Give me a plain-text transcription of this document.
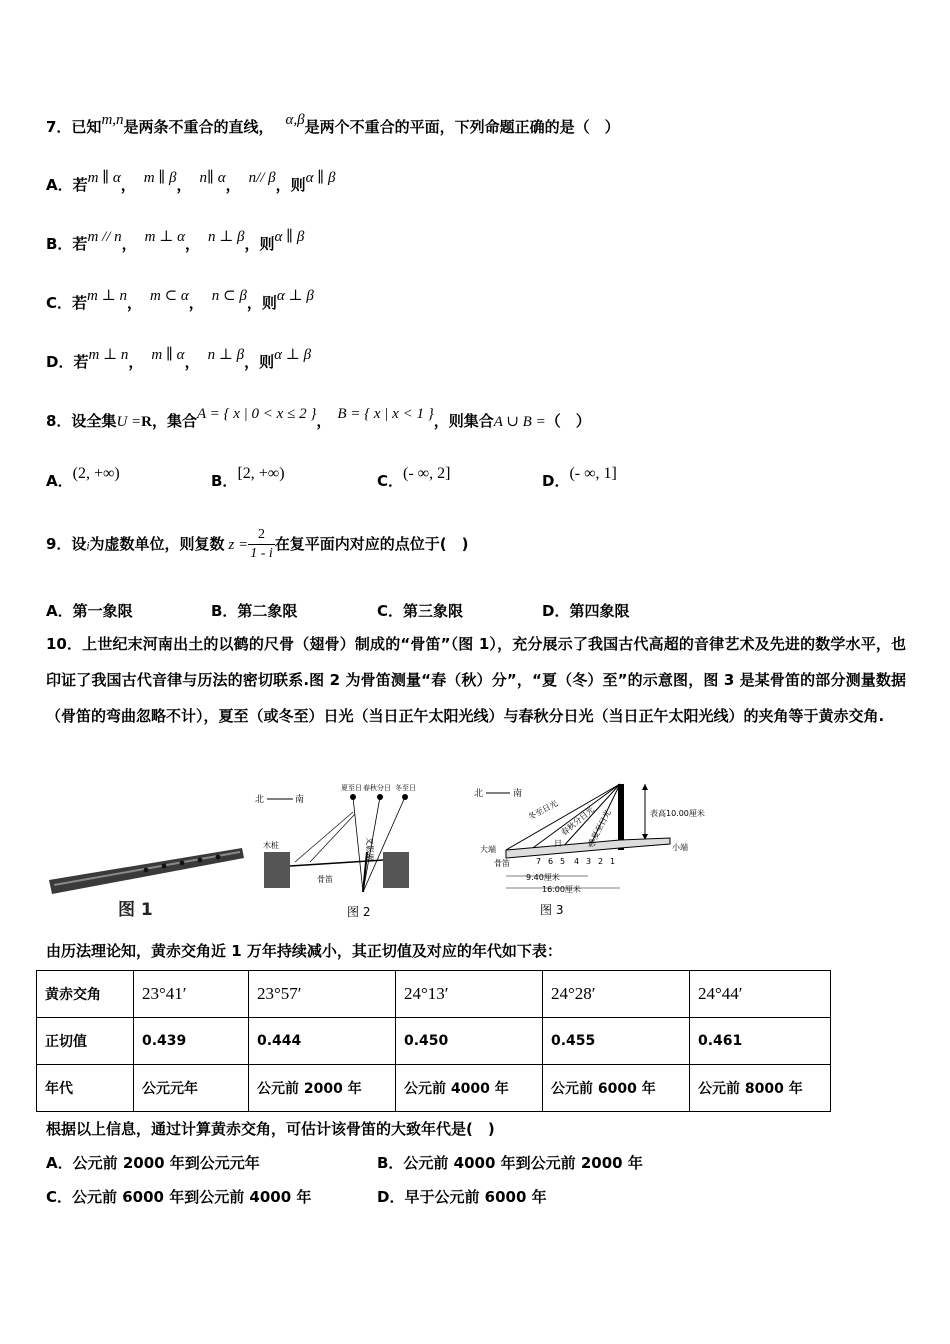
7．已知m,n是两条不重合的直线， α,β是两个不重合的平面，下列命题正确的是（　）
A．若m ∥ α， m ∥ β， n∥ α， n// β，则α ∥ β
B．若m // n， m ⊥ α， n ⊥ β，则α ∥ β
C．若m ⊥ n， m ⊂ α， n ⊂ β，则α ⊥ β
D．若m ⊥ n， m ∥ α， n ⊥ β，则α ⊥ β
8．设全集U =R，集合A = { x | 0 < x ≤ 2 }， B = { x | x < 1 }，则集合A ∪ B =（　）
A．(2, +∞)	B．[2, +∞)	C．(- ∞, 2]	D．(- ∞, 1]
9．设i为虚数单位，则复数 $z = \frac{2}{1 - i}$ 在复平面内对应的点位于(　)
A．第一象限	B．第二象限	C．第三象限	D．第四象限
10．上世纪末河南出土的以鹤的尺骨（翅骨）制成的“骨笛”（图 1），充分展示了我国古代高超的音律艺术及先进的数学水平，也印证了我国古代音律与历法的密切联系.图 2 为骨笛测量“春（秋）分”，“夏（冬）至”的示意图，图 3 是某骨笛的部分测量数据（骨笛的弯曲忽略不计），夏至（或冬至）日光（当日正午太阳光线）与春秋分日光（当日正午太阳光线）的夹角等于黄赤交角.
图 1
北	南
夏至日 春秋分日 冬至日
木桩	叉影器
骨笛
图 2
北	南
表高10.00厘米
大端	小端
骨笛	7 6 5 4 3 2 1
9.40厘米
16.00厘米
冬至日光 春秋分日光
夏至日光
日	影
图 3
由历法理论知，黄赤交角近 1 万年持续减小，其正切值及对应的年代如下表：
黄赤交角	23°41′	23°57′	24°13′	24°28′	24°44′
正切值	0.439	0.444	0.450	0.455	0.461
年代	公元元年	公元前 2000 年	公元前 4000 年	公元前 6000 年	公元前 8000 年
根据以上信息，通过计算黄赤交角，可估计该骨笛的大致年代是(　)
A．公元前 2000 年到公元元年	B．公元前 4000 年到公元前 2000 年
C．公元前 6000 年到公元前 4000 年	D．早于公元前 6000 年
